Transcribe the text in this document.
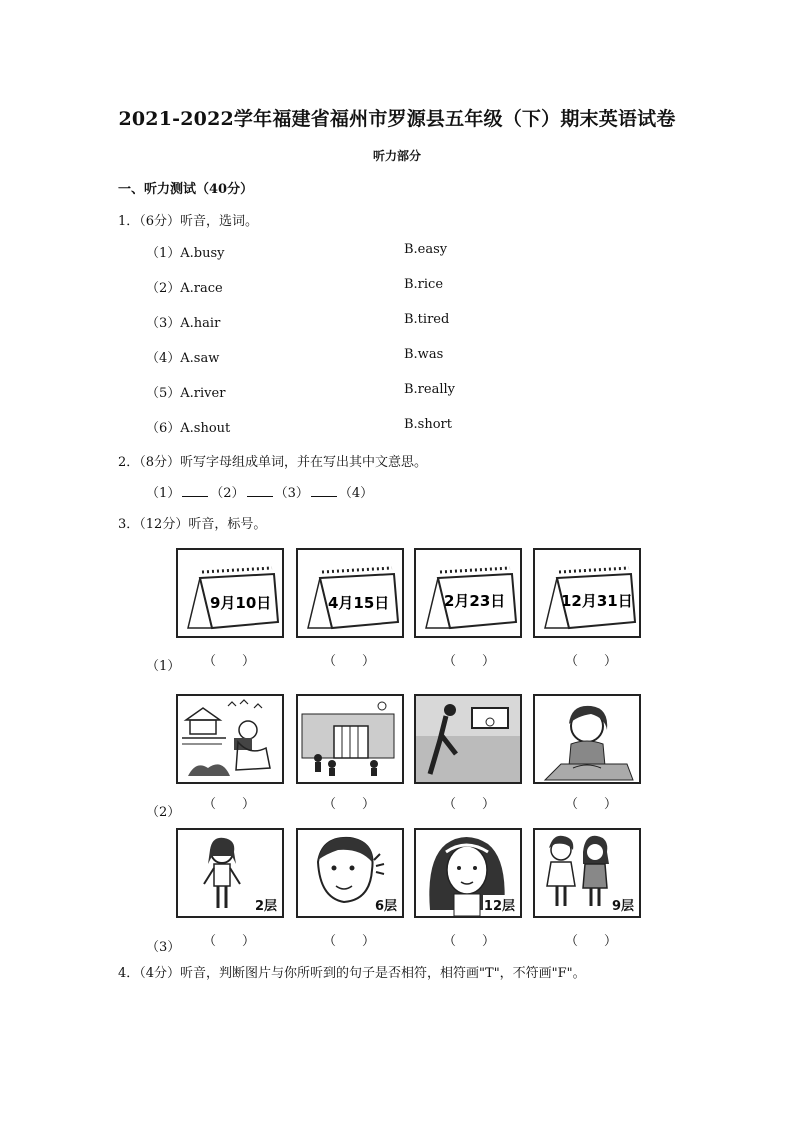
2021-2022学年福建省福州市罗源县五年级（下）期末英语试卷
听力部分
一、听力测试（40分）
1．（6分）听音，选词。
（1）A.busy	B.easy
（2）A.race	B.rice
（3）A.hair	B.tired
（4）A.saw	B.was
（5）A.river	B.really
（6）A.shout	B.short
2．（8分）听写字母组成单词，并在写出其中文意思。
（1） （2） （3） （4）
3．（12分）听音，标号。
9月10日	4月15日	2月23日	12月31日
（1） （　　）	（　　）	（　　）	（　　）
（2）
（　　）	（　　）	（　　）	（　　）
2层	6层	12层	9层
（3） （　　）	（　　）	（　　）	（　　）
4．（4分）听音，判断图片与你所听到的句子是否相符，相符画"T"，不符画"F"。
